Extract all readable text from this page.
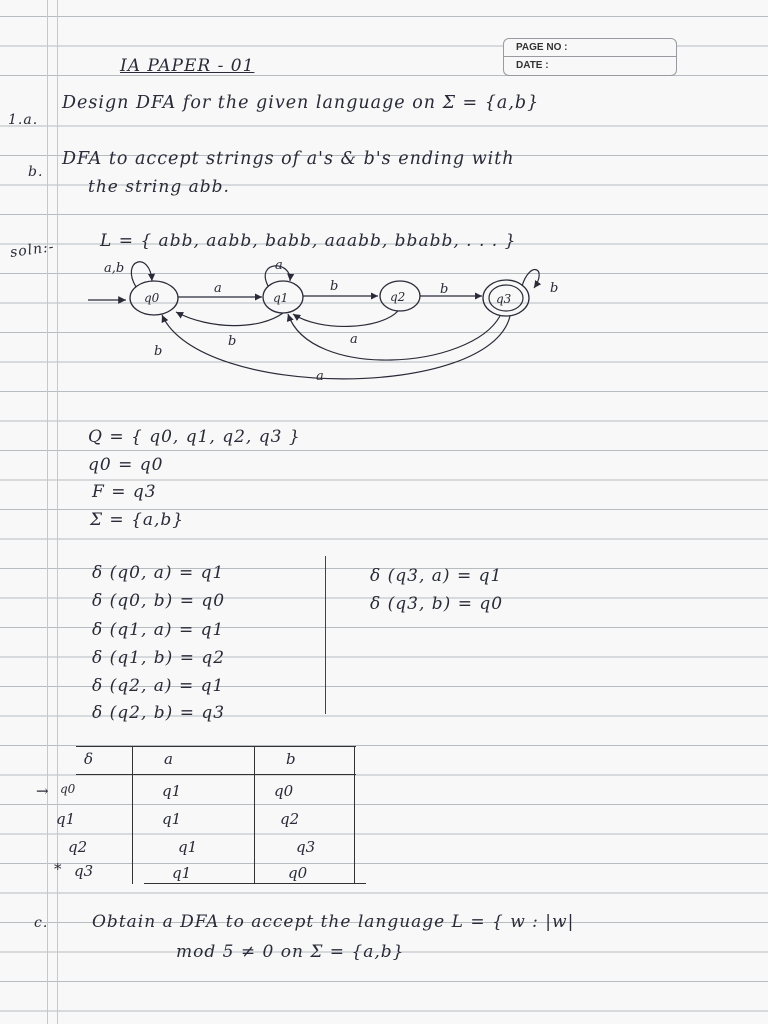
PAGE NO :
DATE :
IA PAPER - 01
1.a.
Design DFA for the given language on Σ = {a,b}
b.
DFA to accept strings of a's & b's ending with
the string abb.
soln:-	L = { abb, aabb, babb, aaabb, bbabb, . . . }
q0	q1	q2	q3
a,b	a
b
a	b	b
b	a
a
b
Q = { q0, q1, q2, q3 }
q0 = q0
F = q3
Σ = {a,b}
δ (q0, a) = q1
δ (q0, b) = q0
δ (q1, a) = q1
δ (q1, b) = q2
δ (q2, a) = q1
δ (q2, b) = q3
δ (q3, a) = q1
δ (q3, b) = q0
δ	a	b
→ q0	q1	q0
q1	q1	q2
q2	q1	q3
* q3	q1	q0
c.	Obtain a DFA to accept the language L = { w : |w|
mod 5 ≠ 0 on Σ = {a,b}
